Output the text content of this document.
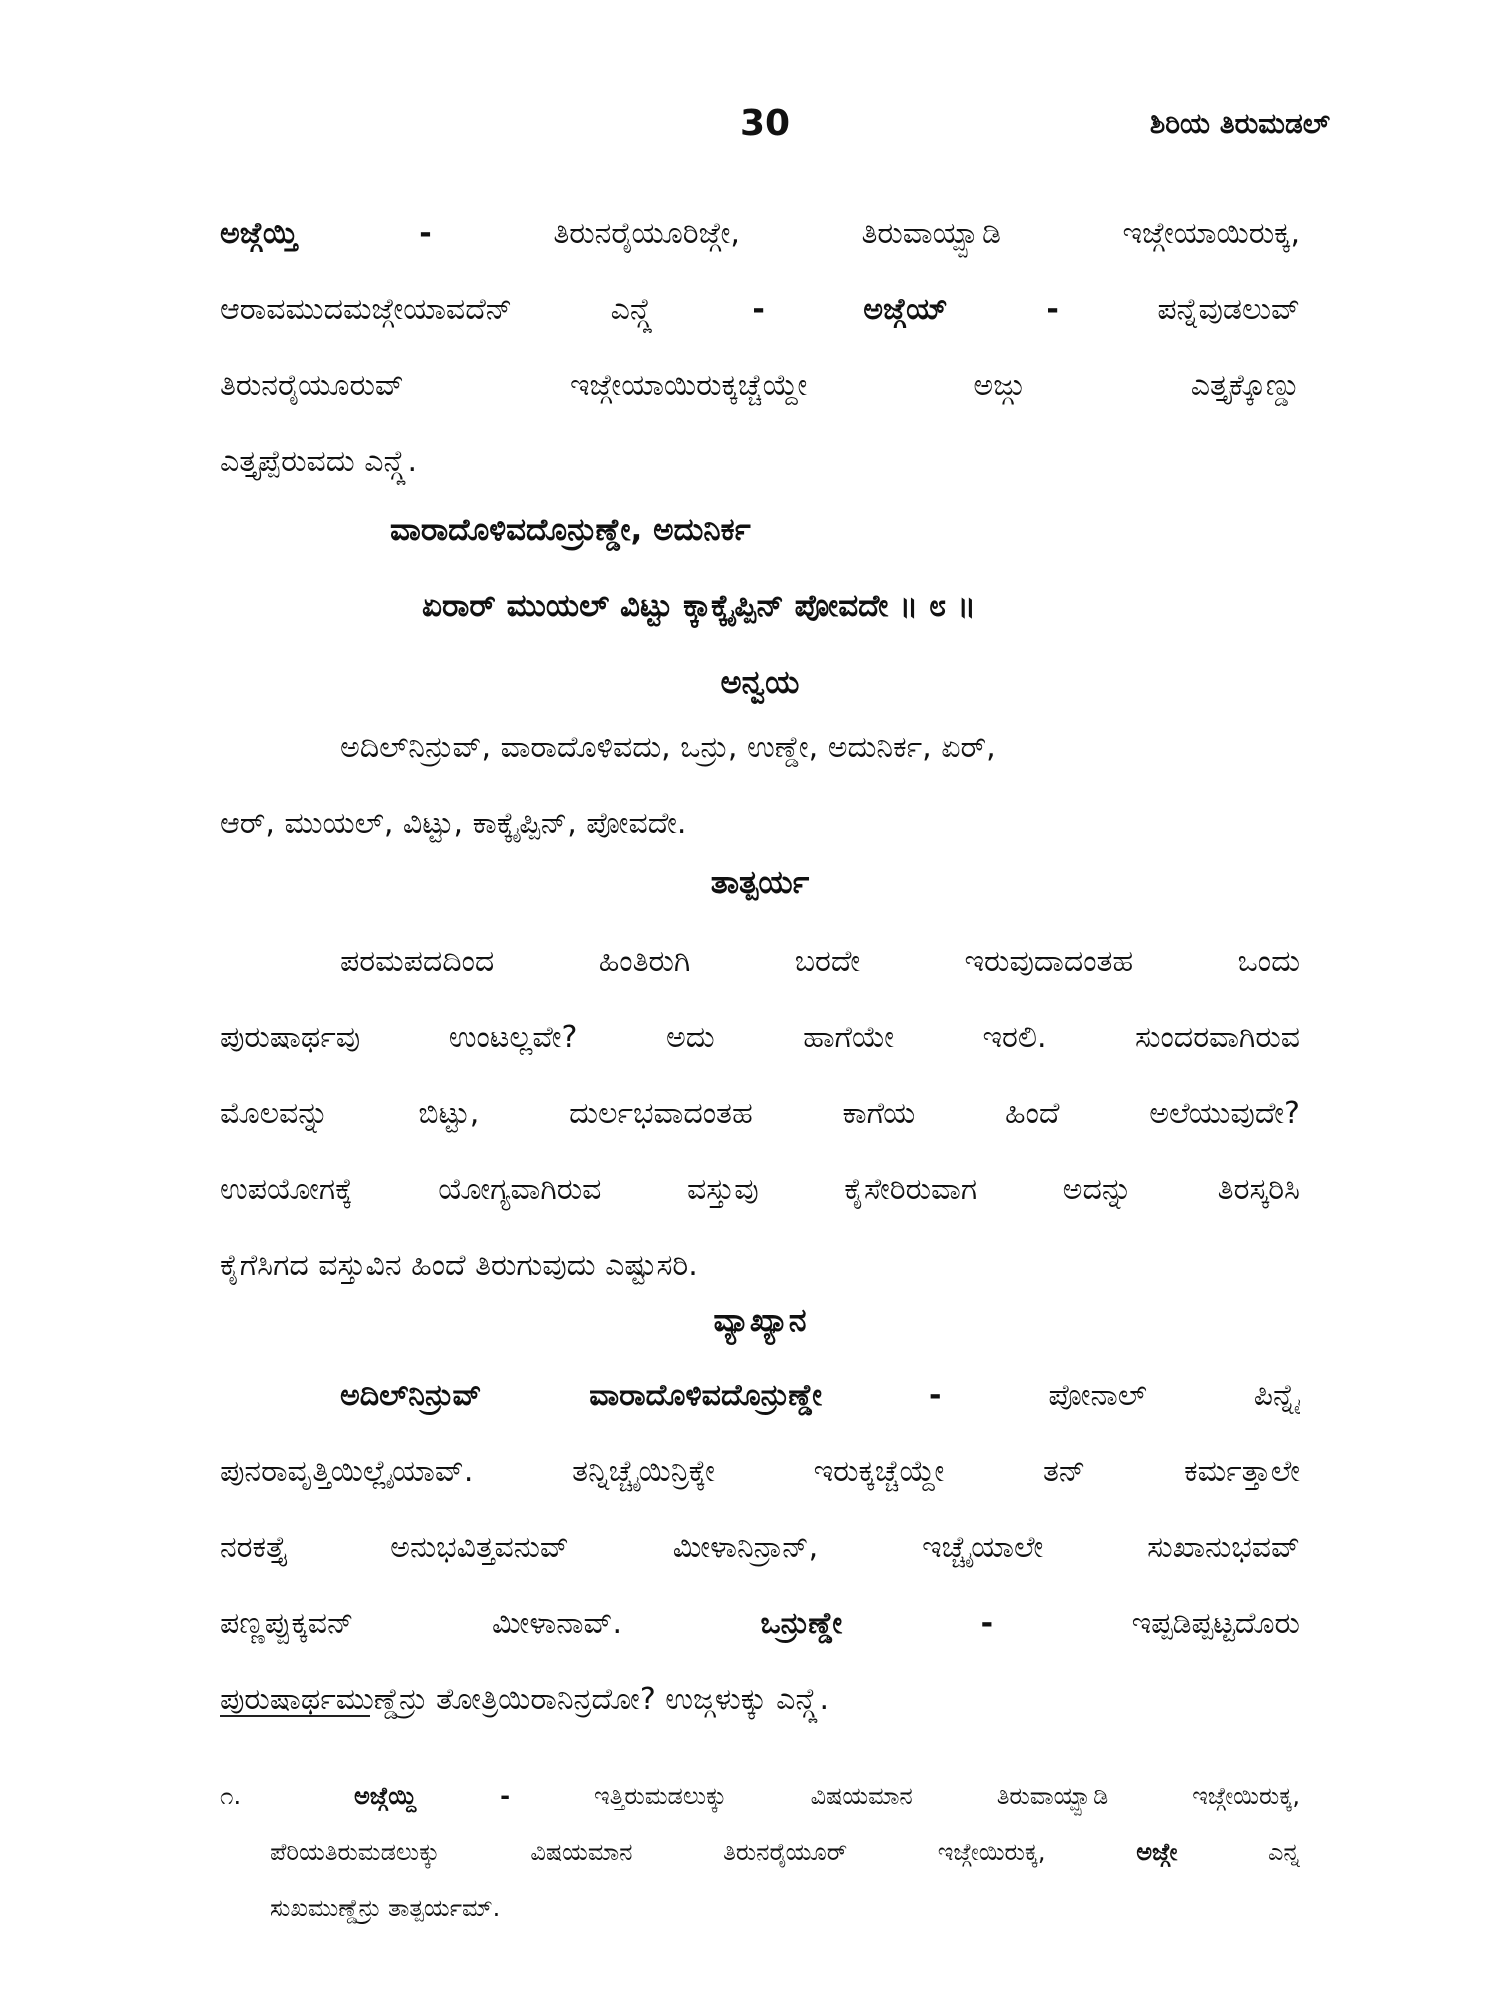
30	ಶಿರಿಯ ತಿರುಮಡಲ್
ಅಜ್ಗೆಯ್ತಿ	-	ತಿರುನರೈಯೂರಿಜ್ಗೇ, ತಿರುವಾಯ್ಪ್ಪಾಡಿ ಇಜ್ಗೇಯಾಯಿರುಕ್ಕ,
ಆರಾವಮುದಮಜ್ಗೇಯಾವದೆನ್ ಎನ್ಗ್ಲೆ	-	ಅಜ್ಗೆಯ್	-	ಪನ್ನೆವುಡಲುವ್
ತಿರುನರೈಯೂರುವ್ ಇಜ್ಗೇಯಾಯಿರುಕ್ಕಚ್ಚೆಯ್ದೇ ಅಜ್ಗು ಎತ್ತೃಕ್ಕೊಣ್ಡು
ಎತ್ತೃಪ್ಪೆರುವದು ಎನ್ಗ್ಲೆ.
ವಾರಾದೊಳಿವದೊನ್ರುಣ್ಡೇ, ಅದುನಿರ್ಕ
ಏರಾರ್ ಮುಯಲ್ ವಿಟ್ಟು ಕ್ಕಾಕ್ಕೈಪ್ಪಿನ್ ಪೋವದೇ ॥ ೮ ॥
ಅನ್ವಯ
ಅದಿಲ್‌ನಿನ್ರುವ್, ವಾರಾದೊಳಿವದು, ಒನ್ರು, ಉಣ್ಡೇ, ಅದುನಿರ್ಕ, ಏರ್,
ಆರ್, ಮುಯಲ್, ವಿಟ್ಟು, ಕಾಕ್ಕೈಪ್ಪಿನ್, ಪೋವದೇ.
ತಾತ್ಪರ್ಯ
ಪರಮಪದದಿಂದ ಹಿಂತಿರುಗಿ ಬರದೇ ಇರುವುದಾದಂತಹ ಒಂದು
ಪುರುಷಾರ್ಥವು ಉಂಟಲ್ಲವೇ? ಅದು ಹಾಗೆಯೇ ಇರಲಿ. ಸುಂದರವಾಗಿರುವ
ಮೊಲವನ್ನು ಬಿಟ್ಟು, ದುರ್ಲಭವಾದಂತಹ ಕಾಗೆಯ ಹಿಂದೆ ಅಲೆಯುವುದೇ?
ಉಪಯೋಗಕ್ಕೆ ಯೋಗ್ಯವಾಗಿರುವ ವಸ್ತುವು ಕೈಸೇರಿರುವಾಗ ಅದನ್ನು ತಿರಸ್ಕರಿಸಿ
ಕೈಗೆಸಿಗದ ವಸ್ತುವಿನ ಹಿಂದೆ ತಿರುಗುವುದು ಎಷ್ಟುಸರಿ.
ವ್ಯಾಖ್ಯಾನ
ಅದಿಲ್‌ನಿನ್ರುವ್ ವಾರಾದೊಳಿವದೊನ್ರುಣ್ಡೇ	-	ಪೋನಾಲ್ ಪಿನ್ನೈ
ಪುನರಾವೃತ್ತಿಯಿಲ್ಲೈಯಾವ್. ತನ್ನಿಚ್ಚೈಯಿನ್ರಿಕ್ಕೇ ಇರುಕ್ಕಚ್ಚೆಯ್ದೇ ತನ್ ಕರ್ಮತ್ತಾಲೇ
ನರಕತ್ತೈ ಅನುಭವಿತ್ತವನುವ್ ಮೀಳಾನಿನ್ರಾನ್, ಇಚ್ಚೈಯಾಲೇ ಸುಖಾನುಭವವ್
ಪಣ್ಣಪ್ಪುಕ್ಕವನ್ ಮೀಳಾನಾವ್.	ಒನ್ರುಣ್ಡೇ	-	ಇಪ್ಪಡಿಪ್ಪಟ್ಟದೊರು
ಪುರುಷಾರ್ಥಮುಣ್ಡೆನ್ರು ತೋತ್ರಿಯಿರಾನಿನ್ರದೋ? ಉಜ್ಗಳುಕ್ಕು ಎನ್ಗ್ಲೆ.
೧.	ಅಜ್ಗೆಯ್ದಿ	-	ಇತ್ತಿರುಮಡಲುಕ್ಕು ವಿಷಯಮಾನ ತಿರುವಾಯ್ಪ್ಪಾಡಿ ಇಜ್ಗೇಯಿರುಕ್ಕ,
ಪೆರಿಯತಿರುಮಡಲುಕ್ಕು ವಿಷಯಮಾನ ತಿರುನರೈಯೂರ್ ಇಜ್ಗೇಯಿರುಕ್ಕ,	ಅಜ್ಗೇ	ಎನ್ನ
ಸುಖಮುಣ್ಡೆನ್ರು ತಾತ್ಪರ್ಯಮ್.
